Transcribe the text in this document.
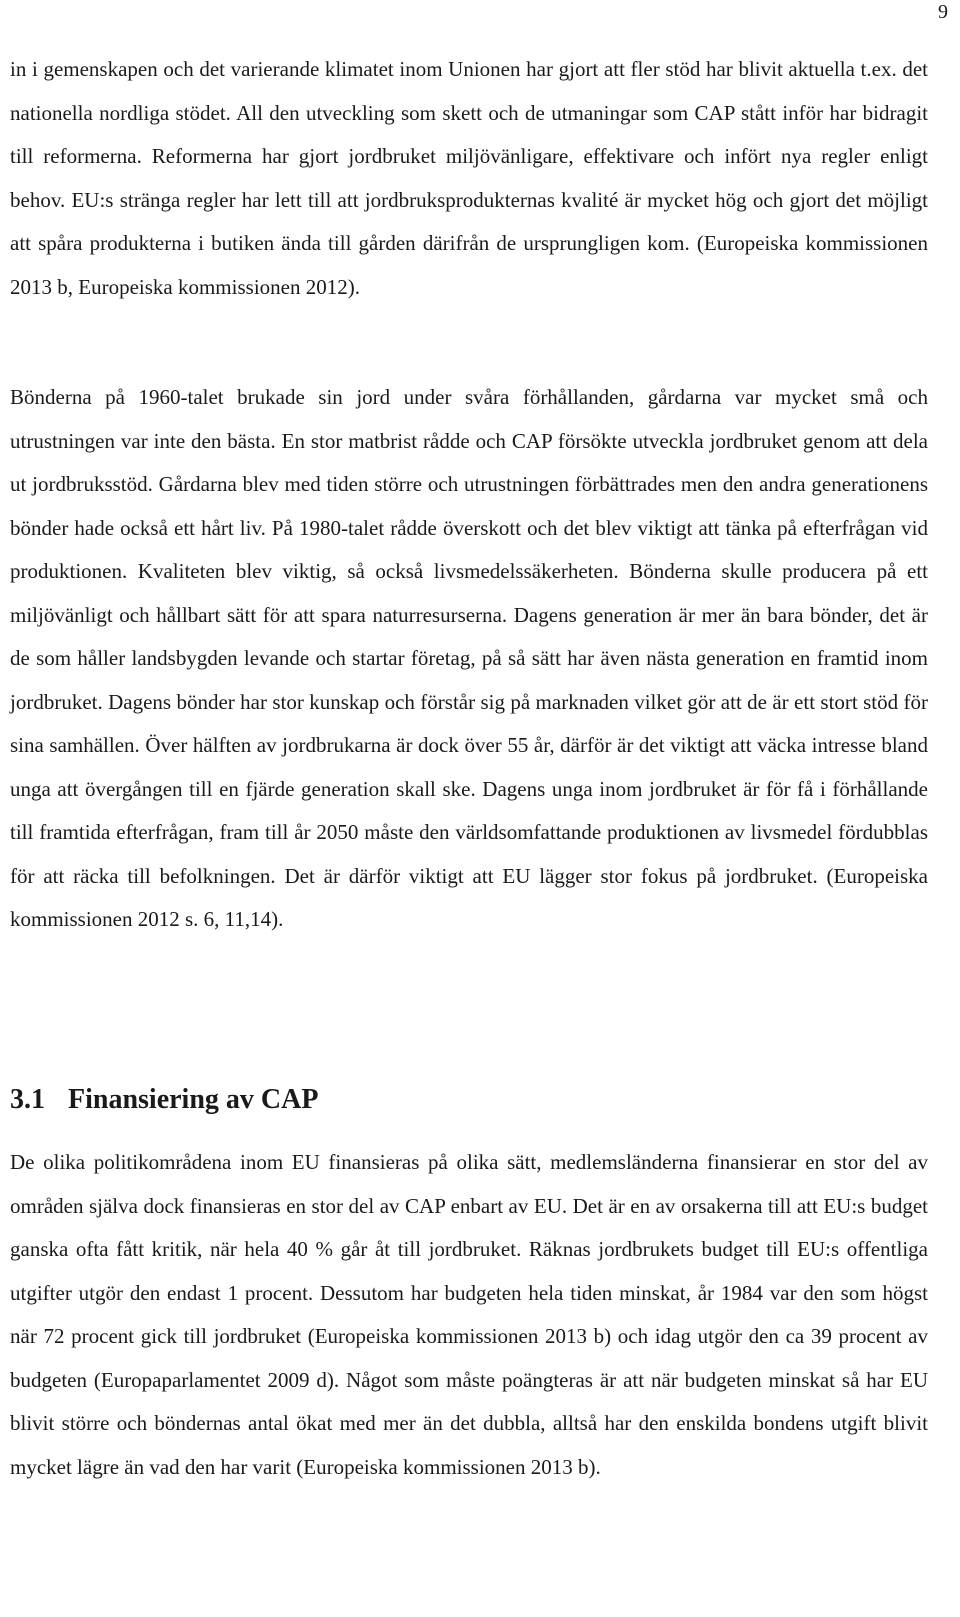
9

in i gemenskapen och det varierande klimatet inom Unionen har gjort att fler stöd har blivit aktuella t.ex. det nationella nordliga stödet. All den utveckling som skett och de utmaningar som CAP stått inför har bidragit till reformerna. Reformerna har gjort jordbruket miljövänligare, effektivare och infört nya regler enligt behov. EU:s stränga regler har lett till att jordbruksprodukternas kvalité är mycket hög och gjort det möjligt att spåra produkterna i butiken ända till gården därifrån de ursprungligen kom. (Europeiska kommissionen 2013 b, Europeiska kommissionen 2012).

Bönderna på 1960-talet brukade sin jord under svåra förhållanden, gårdarna var mycket små och utrustningen var inte den bästa. En stor matbrist rådde och CAP försökte utveckla jordbruket genom att dela ut jordbruksstöd. Gårdarna blev med tiden större och utrustningen förbättrades men den andra generationens bönder hade också ett hårt liv. På 1980-talet rådde överskott och det blev viktigt att tänka på efterfrågan vid produktionen. Kvaliteten blev viktig, så också livsmedelssäkerheten. Bönderna skulle producera på ett miljövänligt och hållbart sätt för att spara naturresurserna. Dagens generation är mer än bara bönder, det är de som håller landsbygden levande och startar företag, på så sätt har även nästa generation en framtid inom jordbruket. Dagens bönder har stor kunskap och förstår sig på marknaden vilket gör att de är ett stort stöd för sina samhällen. Över hälften av jordbrukarna är dock över 55 år, därför är det viktigt att väcka intresse bland unga att övergången till en fjärde generation skall ske. Dagens unga inom jordbruket är för få i förhållande till framtida efterfrågan, fram till år 2050 måste den världsomfattande produktionen av livsmedel fördubblas för att räcka till befolkningen. Det är därför viktigt att EU lägger stor fokus på jordbruket. (Europeiska kommissionen 2012 s. 6, 11,14).

3.1 Finansiering av CAP

De olika politikområdena inom EU finansieras på olika sätt, medlemsländerna finansierar en stor del av områden själva dock finansieras en stor del av CAP enbart av EU. Det är en av orsakerna till att EU:s budget ganska ofta fått kritik, när hela 40 % går åt till jordbruket. Räknas jordbrukets budget till EU:s offentliga utgifter utgör den endast 1 procent. Dessutom har budgeten hela tiden minskat, år 1984 var den som högst när 72 procent gick till jordbruket (Europeiska kommissionen 2013 b) och idag utgör den ca 39 procent av budgeten (Europaparlamentet 2009 d). Något som måste poängteras är att när budgeten minskat så har EU blivit större och böndernas antal ökat med mer än det dubbla, alltså har den enskilda bondens utgift blivit mycket lägre än vad den har varit (Europeiska kommissionen 2013 b).
